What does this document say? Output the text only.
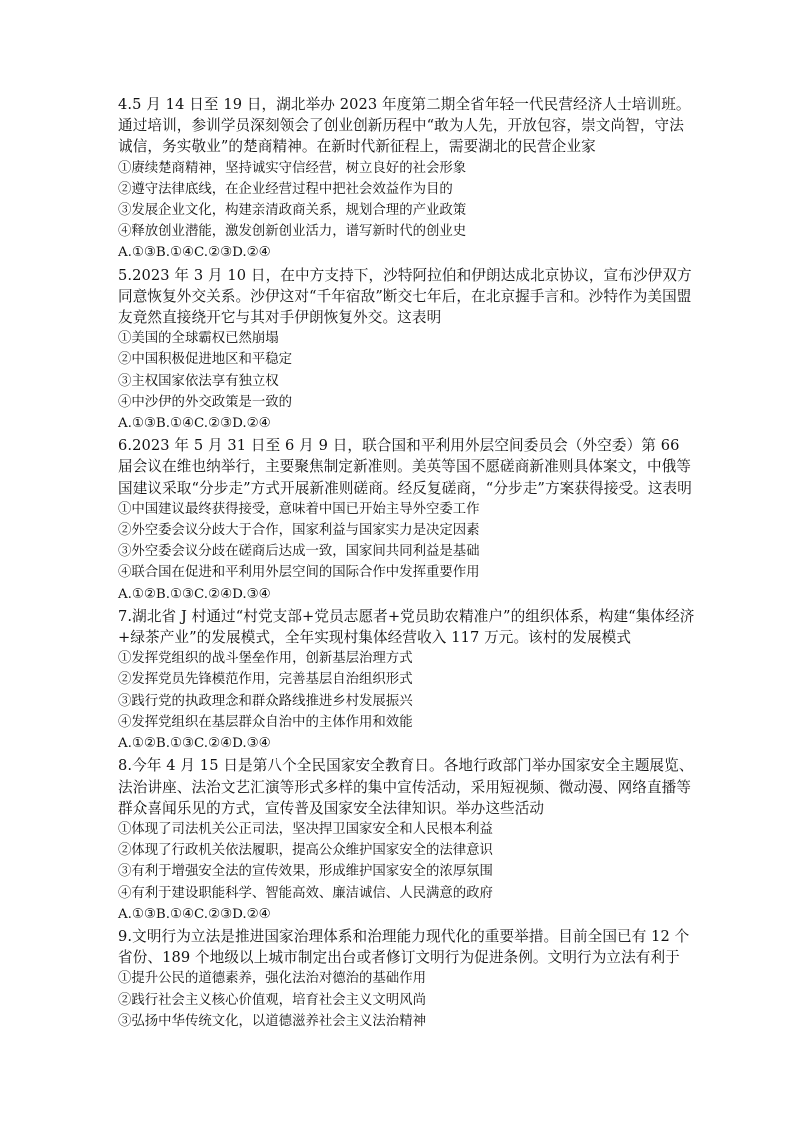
4.5 月 14 日至 19 日，湖北举办 2023 年度第二期全省年轻一代民营经济人士培训班。通过培训，参训学员深刻领会了创业创新历程中“敢为人先，开放包容，崇文尚智，守法诚信，务实敬业”的楚商精神。在新时代新征程上，需要湖北的民营企业家

①赓续楚商精神，坚持诚实守信经营，树立良好的社会形象

②遵守法律底线，在企业经营过程中把社会效益作为目的

③发展企业文化，构建亲清政商关系，规划合理的产业政策

④释放创业潜能，激发创新创业活力，谱写新时代的创业史

A.①③B.①④C.②③D.②④

5.2023 年 3 月 10 日，在中方支持下，沙特阿拉伯和伊朗达成北京协议，宣布沙伊双方同意恢复外交关系。沙伊这对“千年宿敌”断交七年后，在北京握手言和。沙特作为美国盟友竟然直接绕开它与其对手伊朗恢复外交。这表明

①美国的全球霸权已然崩塌

②中国积极促进地区和平稳定

③主权国家依法享有独立权

④中沙伊的外交政策是一致的

A.①③B.①④C.②③D.②④

6.2023 年 5 月 31 日至 6 月 9 日，联合国和平利用外层空间委员会（外空委）第 66 届会议在维也纳举行，主要聚焦制定新准则。美英等国不愿磋商新准则具体案文，中俄等国建议采取“分步走”方式开展新准则磋商。经反复磋商，“分步走”方案获得接受。这表明

①中国建议最终获得接受，意味着中国已开始主导外空委工作

②外空委会议分歧大于合作，国家利益与国家实力是决定因素

③外空委会议分歧在磋商后达成一致，国家间共同利益是基础

④联合国在促进和平利用外层空间的国际合作中发挥重要作用

A.①②B.①③C.②④D.③④

7.湖北省 J 村通过“村党支部+党员志愿者+党员助农精准户”的组织体系，构建“集体经济+绿茶产业”的发展模式，全年实现村集体经营收入 117 万元。该村的发展模式

①发挥党组织的战斗堡垒作用，创新基层治理方式

②发挥党员先锋模范作用，完善基层自治组织形式

③践行党的执政理念和群众路线推进乡村发展振兴

④发挥党组织在基层群众自治中的主体作用和效能

A.①②B.①③C.②④D.③④

8.今年 4 月 15 日是第八个全民国家安全教育日。各地行政部门举办国家安全主题展览、法治讲座、法治文艺汇演等形式多样的集中宣传活动，采用短视频、微动漫、网络直播等群众喜闻乐见的方式，宣传普及国家安全法律知识。举办这些活动

①体现了司法机关公正司法，坚决捍卫国家安全和人民根本利益

②体现了行政机关依法履职，提高公众维护国家安全的法律意识

③有利于增强安全法的宣传效果，形成维护国家安全的浓厚氛围

④有利于建设职能科学、智能高效、廉洁诚信、人民满意的政府

A.①③B.①④C.②③D.②④

9.文明行为立法是推进国家治理体系和治理能力现代化的重要举措。目前全国已有 12 个省份、189 个地级以上城市制定出台或者修订文明行为促进条例。文明行为立法有利于

①提升公民的道德素养，强化法治对德治的基础作用

②践行社会主义核心价值观，培育社会主义文明风尚

③弘扬中华传统文化，以道德滋养社会主义法治精神
